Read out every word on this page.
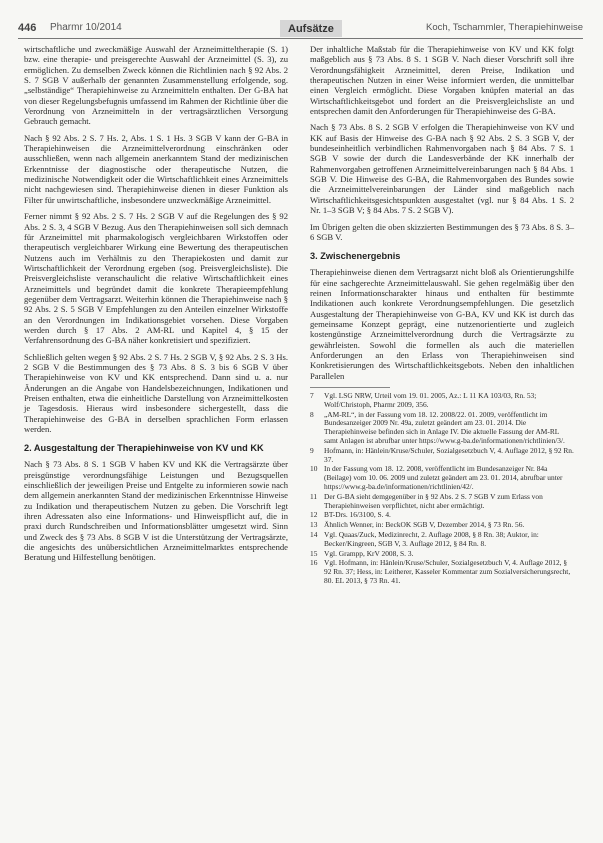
446 Pharmr 10/2014	Aufsätze	Koch, Tschammler, Therapiehinweise

wirtschaftliche und zweckmäßige Auswahl der Arzneimitteltherapie (S. 1) bzw. eine therapie- und preisgerechte Auswahl der Arzneimittel (S. 3), zu ermöglichen. Zu demselben Zweck können die Richtlinien nach § 92 Abs. 2 S. 7 SGB V außerhalb der genannten Zusammenstellung erfolgende, sog. „selbständige“ Therapiehinweise zu Arzneimitteln enthalten. Der G-BA hat von dieser Regelungsbefugnis umfassend im Rahmen der Richtlinie über die Verordnung von Arzneimitteln in der vertragsärztlichen Versorgung Gebrauch gemacht.

Nach § 92 Abs. 2 S. 7 Hs. 2, Abs. 1 S. 1 Hs. 3 SGB V kann der G-BA in Therapiehinweisen die Arzneimittelverordnung einschränken oder ausschließen, wenn nach allgemein anerkanntem Stand der medizinischen Erkenntnisse der diagnostische oder therapeutische Nutzen, die medizinische Notwendigkeit oder die Wirtschaftlichkeit eines Arzneimittels nicht nachgewiesen sind. Therapiehinweise dienen in dieser Funktion als Filter für unwirtschaftliche, insbesondere unzweckmäßige Arzneimittel.

Ferner nimmt § 92 Abs. 2 S. 7 Hs. 2 SGB V auf die Regelungen des § 92 Abs. 2 S. 3, 4 SGB V Bezug. Aus den Therapiehinweisen soll sich demnach für Arzneimittel mit pharmakologisch vergleichbaren Wirkstoffen oder therapeutisch vergleichbarer Wirkung eine Bewertung des therapeutischen Nutzens auch im Verhältnis zu den Therapiekosten und damit zur Wirtschaftlichkeit der Verordnung ergeben (sog. Preisvergleichsliste). Die Preisvergleichsliste veranschaulicht die relative Wirtschaftlichkeit eines Arzneimittels und begründet damit die konkrete Therapieempfehlung gegenüber dem Vertragsarzt. Weiterhin können die Therapiehinweise nach § 92 Abs. 2 S. 5 SGB V Empfehlungen zu den Anteilen einzelner Wirkstoffe an den Verordnungen im Indikationsgebiet vorsehen. Diese Vorgaben werden durch § 17 Abs. 2 AM-RL und Kapitel 4, § 15 der Verfahrensordnung des G-BA näher konkretisiert und spezifiziert.

Schließlich gelten wegen § 92 Abs. 2 S. 7 Hs. 2 SGB V, § 92 Abs. 2 S. 3 Hs. 2 SGB V die Bestimmungen des § 73 Abs. 8 S. 3 bis 6 SGB V über Therapiehinweise von KV und KK entsprechend. Dann sind u. a. nur Änderungen an die Angabe von Handelsbezeichnungen, Indikationen und Preisen enthalten, etwa die einheitliche Darstellung von Arzneimittelkosten je Tagesdosis. Hieraus wird insbesondere sichergestellt, dass die Therapiehinweise des G-BA in derselben sprachlichen Form erlassen werden.

2. Ausgestaltung der Therapiehinweise von KV und KK

Nach § 73 Abs. 8 S. 1 SGB V haben KV und KK die Vertragsärzte über preisgünstige verordnungsfähige Leistungen und Bezugsquellen einschließlich der jeweiligen Preise und Entgelte zu informieren sowie nach dem allgemein anerkannten Stand der medizinischen Erkenntnisse Hinweise zu Indikation und therapeutischem Nutzen zu geben. Die Vorschrift legt ihren Adressaten also eine Informations- und Hinweispflicht auf, die in praxi durch Rundschreiben und Informationsblätter umgesetzt wird. Sinn und Zweck des § 73 Abs. 8 SGB V ist die Unterstützung der Vertragsärzte, die angesichts des unübersichtlichen Arzneimittelmarktes entsprechende Beratung und Hilfestellung benötigen.

Der inhaltliche Maßstab für die Therapiehinweise von KV und KK folgt maßgeblich aus § 73 Abs. 8 S. 1 SGB V. Nach dieser Vorschrift soll ihre Verordnungsfähigkeit Arzneimittel, deren Preise, Indikation und therapeutischen Nutzen in einer Weise informiert werden, die unmittelbar einen Vergleich ermöglicht. Diese Vorgaben knüpfen material an das Wirtschaftlichkeitsgebot und fordert an die Preisvergleichsliste an und entsprechen damit den Anforderungen für Therapiehinweise des G-BA.

Nach § 73 Abs. 8 S. 2 SGB V erfolgen die Therapiehinweise von KV und KK auf Basis der Hinweise des G-BA nach § 92 Abs. 2 S. 3 SGB V, der bundeseinheitlich verbindlichen Rahmenvorgaben nach § 84 Abs. 7 S. 1 SGB V sowie der durch die Landesverbände der KK innerhalb der Rahmenvorgaben getroffenen Arzneimittelvereinbarungen nach § 84 Abs. 1 SGB V. Die Hinweise des G-BA, die Rahmenvorgaben des Bundes sowie die Arzneimittelvereinbarungen der Länder sind maßgeblich nach Wirtschaftlichkeitsgesichtspunkten ausgestaltet (vgl. nur § 84 Abs. 1 S. 2 Nr. 1–3 SGB V; § 84 Abs. 7 S. 2 SGB V).

Im Übrigen gelten die oben skizzierten Bestimmungen des § 73 Abs. 8 S. 3–6 SGB V.

3. Zwischenergebnis

Therapiehinweise dienen dem Vertragsarzt nicht bloß als Orientierungshilfe für eine sachgerechte Arzneimittelauswahl. Sie gehen regelmäßig über den reinen Informationscharakter hinaus und enthalten für bestimmte Indikationen auch konkrete Verordnungsempfehlungen. Die gesetzlich Ausgestaltung der Therapiehinweise von G-BA, KV und KK ist durch das gemeinsame Konzept geprägt, eine nutzenorientierte und zugleich kostengünstige Arzneimittelverordnung durch die Vertragsärzte zu gewährleisten. Sowohl die formellen als auch die materiellen Anforderungen an den Erlass von Therapiehinweisen sind Konkretisierungen des Wirtschaftlichkeitsgebots. Neben den inhaltlichen Parallelen

7	Vgl. LSG NRW, Urteil vom 19. 01. 2005, Az.: L 11 KA 103/03, Rn. 53; Wolf/Christoph, Pharmr 2009, 356.
8	„AM-RL“, in der Fassung vom 18. 12. 2008/22. 01. 2009, veröffentlicht im Bundesanzeiger 2009 Nr. 49a, zuletzt geändert am 23. 01. 2014. Die Therapiehinweise befinden sich in Anlage IV. Die aktuelle Fassung der AM-RL samt Anlagen ist abrufbar unter https://www.g-ba.de/informationen/richtlinien/3/.
9	Hofmann, in: Hänlein/Kruse/Schuler, Sozialgesetzbuch V, 4. Auflage 2012, § 92 Rn. 37.
10 In der Fassung vom 18. 12. 2008, veröffentlicht im Bundesanzeiger Nr. 84a (Beilage) vom 10. 06. 2009 und zuletzt geändert am 23. 01. 2014, abrufbar unter https://www.g-ba.de/informationen/richtlinien/42/.
11 Der G-BA sieht demgegenüber in § 92 Abs. 2 S. 7 SGB V zum Erlass von Therapiehinweisen verpflichtet, nicht aber ermächtigt.
12 BT-Drs. 16/3100, S. 4.
13 Ähnlich Wenner, in: BeckOK SGB V, Dezember 2014, § 73 Rn. 56.
14 Vgl. Quaas/Zuck, Medizinrecht, 2. Auflage 2008, § 8 Rn. 38; Auktor, in: Becker/Kingreen, SGB V, 3. Auflage 2012, § 84 Rn. 8.
15 Vgl. Grampp, KrV 2008, S. 3.
16 Vgl. Hofmann, in: Hänlein/Kruse/Schuler, Sozialgesetzbuch V, 4. Auflage 2012, § 92 Rn. 37; Hess, in: Leitherer, Kasseler Kommentar zum Sozialversicherungsrecht, 80. EL 2013, § 73 Rn. 41.
